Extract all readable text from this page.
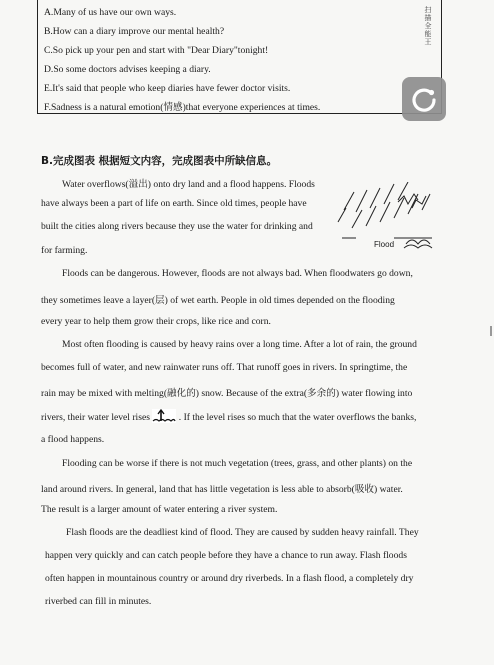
A.Many of us have our own ways.
B.How can a diary improve our mental health?
C.So pick up your pen and start with "Dear Diary"tonight!
D.So some doctors advises keeping a diary.
E.It's said that people who keep diaries have fewer doctor visits.
F.Sadness is a natural emotion(情感)that everyone experiences at times.
扫
描
全
能
王
B.完成图表 根据短文内容，完成图表中所缺信息。
Water overflows(溢出) onto dry land and a flood happens. Floods
have always been a part of life on earth. Since old times, people have
built the cities along rivers because they use the water for drinking and
for farming.
Flood
Floods can be dangerous. However, floods are not always bad. When floodwaters go down,
they sometimes leave a layer(层) of wet earth. People in old times depended on the flooding
every year to help them grow their crops, like rice and corn.
Most often flooding is caused by heavy rains over a long time. After a lot of rain, the ground
becomes full of water, and new rainwater runs off. That runoff goes in rivers. In springtime, the
rain may be mixed with melting(融化的) snow. Because of the extra(多余的) water flowing into
rivers, their water level rises	. If the level rises so much that the water overflows the banks,
a flood happens.
Flooding can be worse if there is not much vegetation (trees, grass, and other plants) on the
land around rivers. In general, land that has little vegetation is less able to absorb(吸收) water.
The result is a larger amount of water entering a river system.
Flash floods are the deadliest kind of flood. They are caused by sudden heavy rainfall. They
happen very quickly and can catch people before they have a chance to run away. Flash floods
often happen in mountainous country or around dry riverbeds. In a flash flood, a completely dry
riverbed can fill in minutes.
